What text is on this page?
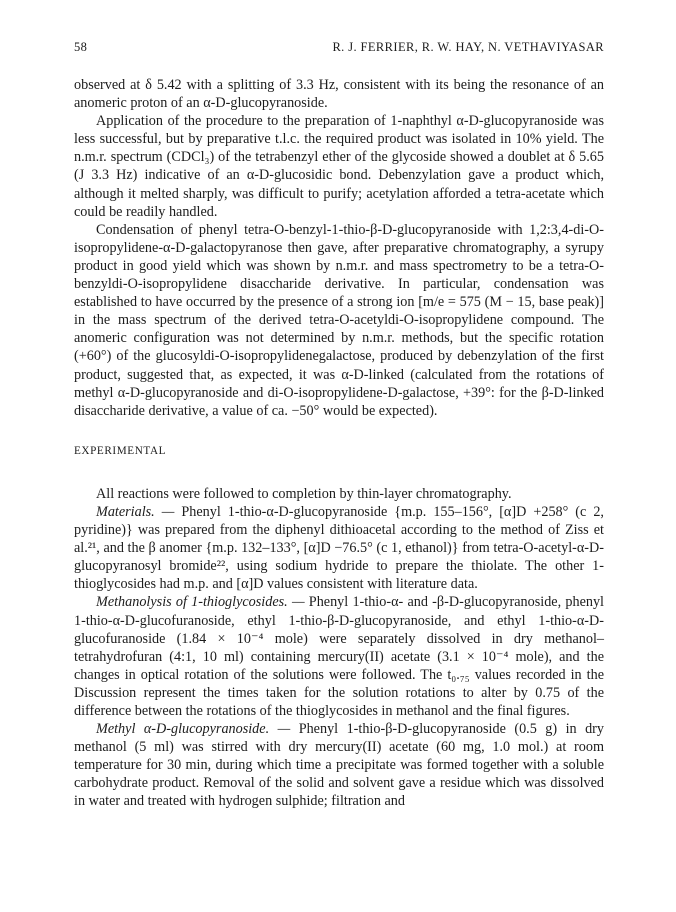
58	R. J. FERRIER, R. W. HAY, N. VETHAVIYASAR

observed at δ 5.42 with a splitting of 3.3 Hz, consistent with its being the resonance of an anomeric proton of an α-D-glucopyranoside.

Application of the procedure to the preparation of 1-naphthyl α-D-glucopyranoside was less successful, but by preparative t.l.c. the required product was isolated in 10% yield. The n.m.r. spectrum (CDCl₃) of the tetrabenzyl ether of the glycoside showed a doublet at δ 5.65 (J 3.3 Hz) indicative of an α-D-glucosidic bond. Debenzylation gave a product which, although it melted sharply, was difficult to purify; acetylation afforded a tetra-acetate which could be readily handled.

Condensation of phenyl tetra-O-benzyl-1-thio-β-D-glucopyranoside with 1,2:3,4-di-O-isopropylidene-α-D-galactopyranose then gave, after preparative chromatography, a syrupy product in good yield which was shown by n.m.r. and mass spectrometry to be a tetra-O-benzyldi-O-isopropylidene disaccharide derivative. In particular, condensation was established to have occurred by the presence of a strong ion [m/e = 575 (M − 15, base peak)] in the mass spectrum of the derived tetra-O-acetyldi-O-isopropylidene compound. The anomeric configuration was not determined by n.m.r. methods, but the specific rotation (+60°) of the glucosyldi-O-isopropylidenegalactose, produced by debenzylation of the first product, suggested that, as expected, it was α-D-linked (calculated from the rotations of methyl α-D-glucopyranoside and di-O-isopropylidene-D-galactose, +39°: for the β-D-linked disaccharide derivative, a value of ca. −50° would be expected).

EXPERIMENTAL

All reactions were followed to completion by thin-layer chromatography.

Materials. — Phenyl 1-thio-α-D-glucopyranoside {m.p. 155–156°, [α]D +258° (c 2, pyridine)} was prepared from the diphenyl dithioacetal according to the method of Ziss et al.²¹, and the β anomer {m.p. 132–133°, [α]D −76.5° (c 1, ethanol)} from tetra-O-acetyl-α-D-glucopyranosyl bromide²², using sodium hydride to prepare the thiolate. The other 1-thioglycosides had m.p. and [α]D values consistent with literature data.

Methanolysis of 1-thioglycosides. — Phenyl 1-thio-α- and -β-D-glucopyranoside, phenyl 1-thio-α-D-glucofuranoside, ethyl 1-thio-β-D-glucopyranoside, and ethyl 1-thio-α-D-glucofuranoside (1.84 × 10⁻⁴ mole) were separately dissolved in dry methanol–tetrahydrofuran (4:1, 10 ml) containing mercury(II) acetate (3.1 × 10⁻⁴ mole), and the changes in optical rotation of the solutions were followed. The t₀.₇₅ values recorded in the Discussion represent the times taken for the solution rotations to alter by 0.75 of the difference between the rotations of the thioglycosides in methanol and the final figures.

Methyl α-D-glucopyranoside. — Phenyl 1-thio-β-D-glucopyranoside (0.5 g) in dry methanol (5 ml) was stirred with dry mercury(II) acetate (60 mg, 1.0 mol.) at room temperature for 30 min, during which time a precipitate was formed together with a soluble carbohydrate product. Removal of the solid and solvent gave a residue which was dissolved in water and treated with hydrogen sulphide; filtration and
